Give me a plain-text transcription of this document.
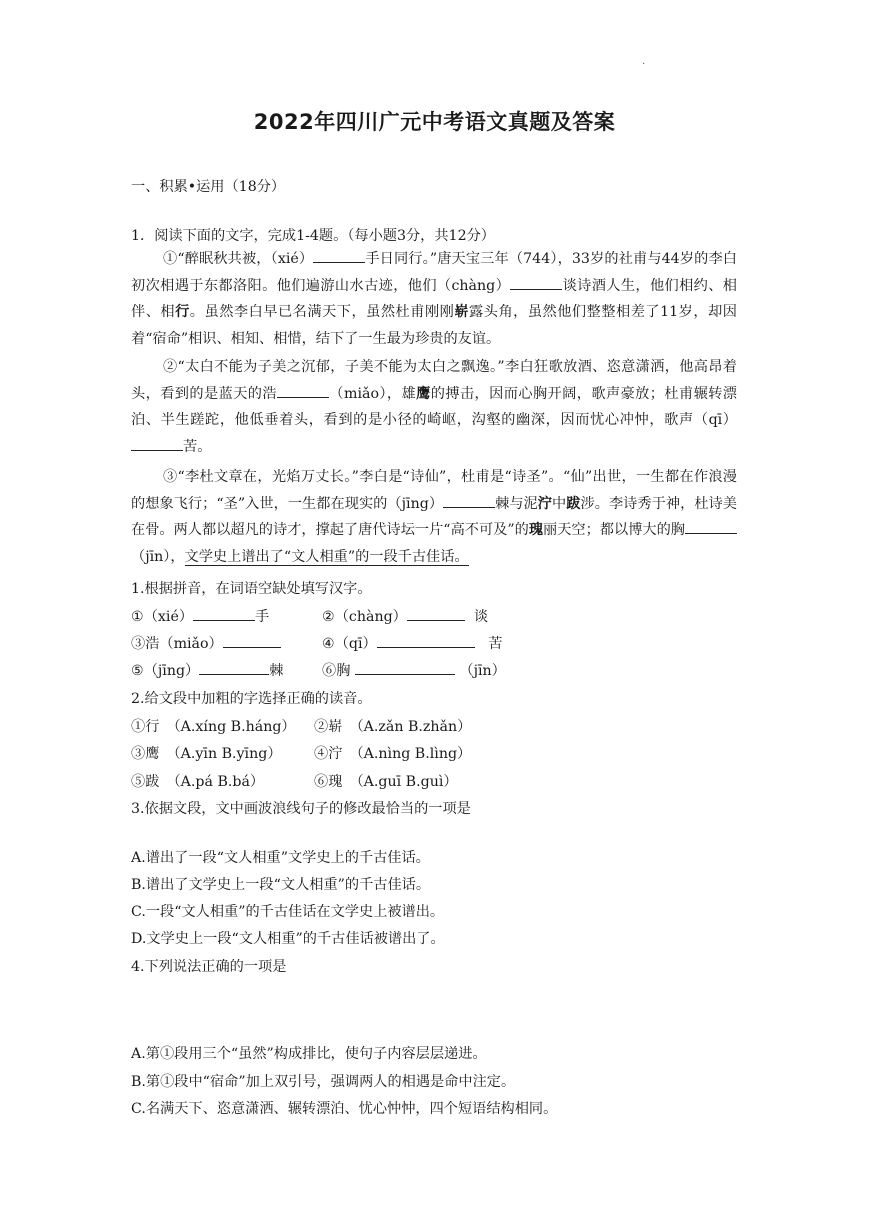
.
2022年四川广元中考语文真题及答案
一、积累•运用（18分）
1．阅读下面的文字，完成1-4题。（每小题3分，共12分）
①“醉眠秋共被，（xié）	手日同行。”唐天宝三年（744），33岁的社甫与44岁的李白初次相遇于东都洛阳。他们遍游山水古迹，他们（chàng）	谈诗酒人生，他们相约、相伴、相行。虽然李白早已名满天下，虽然杜甫刚刚崭露头角，虽然他们整整相差了11岁，却因着“宿命”相识、相知、相惜，结下了一生最为珍贵的友谊。
②“太白不能为子美之沉郁，子美不能为太白之飘逸。”李白狂歌放酒、恣意潇洒，他高昂着头，看到的是蓝天的浩	（miǎo），雄鹰的搏击，因而心胸开阔，歌声豪放；杜甫辗转漂泊、半生蹉跎，他低垂着头，看到的是小径的崎岖，沟壑的幽深，因而忧心冲忡，歌声（qī）苦。
③“李杜文章在，光焰万丈长。”李白是“诗仙”，杜甫是“诗圣”。“仙”出世，一生都在作浪漫的想象飞行；“圣”入世，一生都在现实的（jīng）	棘与泥泞中跋涉。李诗秀于神，杜诗美在骨。两人都以超凡的诗才，撑起了唐代诗坛一片“高不可及”的瑰丽天空；都以博大的胸（jīn），文学史上谱出了“文人相重”的一段千古佳话。
1.根据拼音，在词语空缺处填写汉字。
①（xié）	手	②（chàng）	谈
③浩（miǎo）	④（qī）	苦
⑤（jīng）	棘	⑥胸	（jīn）
2.给文段中加粗的字选择正确的读音。
①行　（A.xíng B.háng） ②崭　（A.zǎn B.zhǎn）
③鹰　（A.yīn B.yīng） ④泞　（A.nìng B.lìng）
⑤跋　（A.pá B.bá）	⑥瑰　（A.guī B.guì）
3.依据文段，文中画波浪线句子的修改最恰当的一项是
A.谱出了一段“文人相重”文学史上的千古佳话。
B.谱出了文学史上一段“文人相重”的千古佳话。
C.一段“文人相重”的千古佳话在文学史上被谱出。
D.文学史上一段“文人相重”的千古佳话被谱出了。
4.下列说法正确的一项是
A.第①段用三个“虽然”构成排比，使句子内容层层递进。
B.第①段中“宿命”加上双引号，强调两人的相遇是命中注定。
C.名满天下、恣意潇洒、辗转漂泊、忧心忡忡，四个短语结构相同。
